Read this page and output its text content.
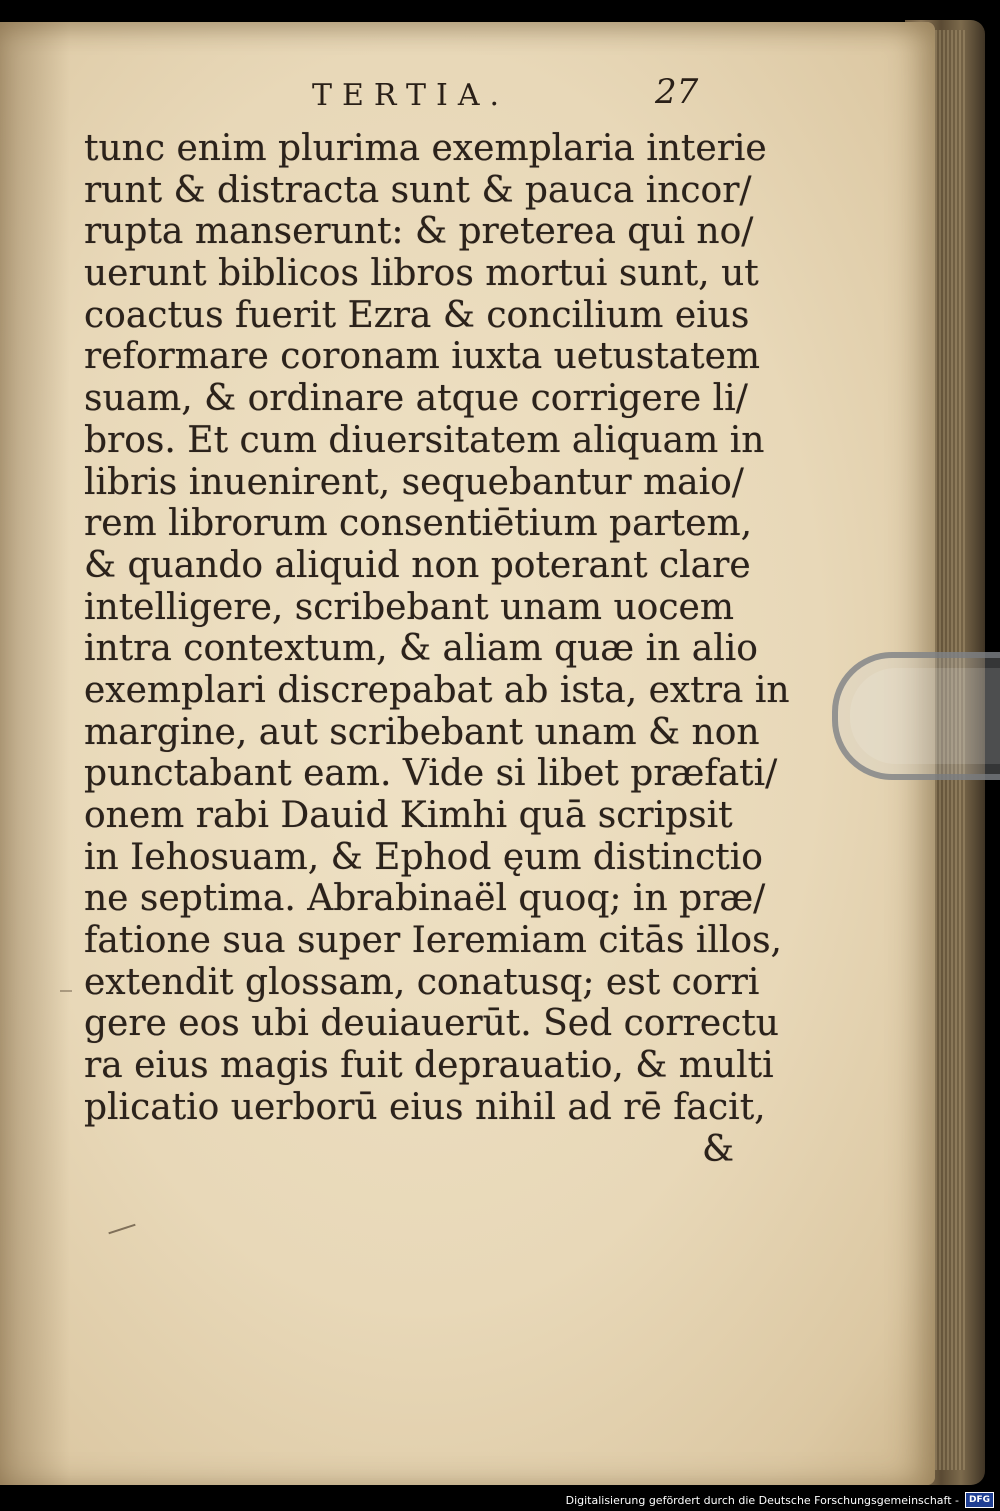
TERTIA.	27
tunc enim plurima exemplaria interie
runt & distracta sunt & pauca incor/
rupta manserunt: & preterea qui no/
uerunt biblicos libros mortui sunt, ut
coactus fuerit Ezra & concilium eius
reformare coronam iuxta uetustatem
suam, & ordinare atque corrigere li/
bros. Et cum diuersitatem aliquam in
libris inuenirent, sequebantur maio/
rem librorum consentiētium partem,
& quando aliquid non poterant clare
intelligere, scribebant unam uocem
intra contextum, & aliam quæ in alio
exemplari discrepabat ab ista, extra in
margine, aut scribebant unam & non
punctabant eam. Vide si libet præfati/
onem rabi Dauid Kimhi quā scripsit
in Iehosuam, & Ephod ęum distinctio
ne septima. Abrabinaël quoq; in præ/
fatione sua super Ieremiam citās illos,
extendit glossam, conatusq; est corri
gere eos ubi deuiauerūt. Sed correctu
ra eius magis fuit deprauatio, & multi
plicatio uerborū eius nihil ad rē facit,
&
Digitalisierung gefördert durch die Deutsche Forschungsgemeinschaft -	DFG
